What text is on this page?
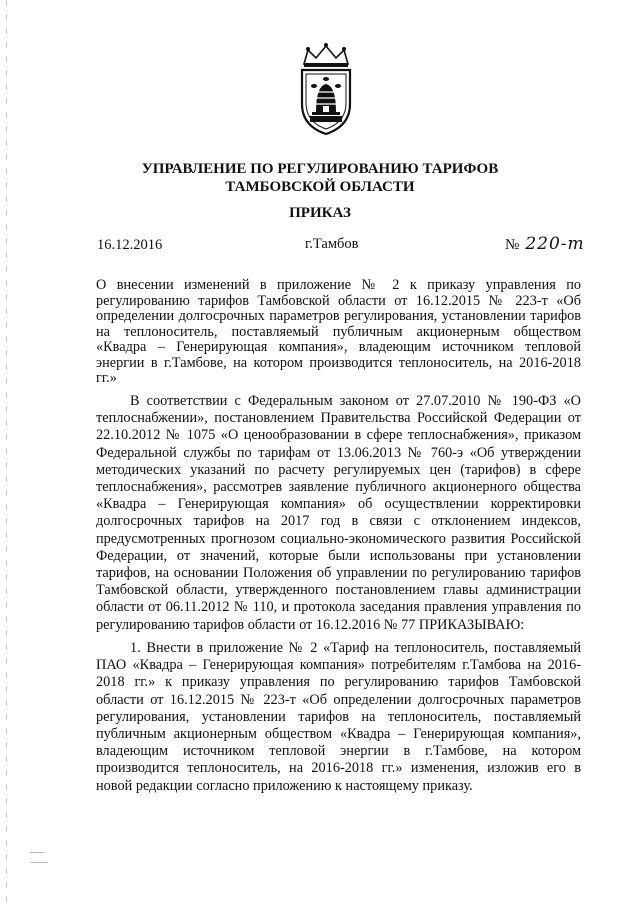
УПРАВЛЕНИЕ ПО РЕГУЛИРОВАНИЮ ТАРИФОВ
ТАМБОВСКОЙ ОБЛАСТИ
ПРИКАЗ
16.12.2016	г.Тамбов	№ 220-т
О внесении изменений в приложение № 2 к приказу управления по регулированию тарифов Тамбовской области от 16.12.2015 № 223-т «Об определении долгосрочных параметров регулирования, установлении тарифов на теплоноситель, поставляемый публичным акционерным обществом «Квадра – Генерирующая компания», владеющим источником тепловой энергии в г.Тамбове, на котором производится теплоноситель, на 2016-2018 гг.»

В соответствии с Федеральным законом от 27.07.2010 № 190-ФЗ «О теплоснабжении», постановлением Правительства Российской Федерации от 22.10.2012 № 1075 «О ценообразовании в сфере теплоснабжения», приказом Федеральной службы по тарифам от 13.06.2013 № 760-э «Об утверждении методических указаний по расчету регулируемых цен (тарифов) в сфере теплоснабжения», рассмотрев заявление публичного акционерного общества «Квадра – Генерирующая компания» об осуществлении корректировки долгосрочных тарифов на 2017 год в связи с отклонением индексов, предусмотренных прогнозом социально-экономического развития Российской Федерации, от значений, которые были использованы при установлении тарифов, на основании Положения об управлении по регулированию тарифов Тамбовской области, утвержденного постановлением главы администрации области от 06.11.2012 № 110, и протокола заседания правления управления по регулированию тарифов области от 16.12.2016 № 77 ПРИКАЗЫВАЮ:

1. Внести в приложение № 2 «Тариф на теплоноситель, поставляемый ПАО «Квадра – Генерирующая компания» потребителям г.Тамбова на 2016-2018 гг.» к приказу управления по регулированию тарифов Тамбовской области от 16.12.2015 № 223-т «Об определении долгосрочных параметров регулирования, установлении тарифов на теплоноситель, поставляемый публичным акционерным обществом «Квадра – Генерирующая компания», владеющим источником тепловой энергии в г.Тамбове, на котором производится теплоноситель, на 2016-2018 гг.» изменения, изложив его в новой редакции согласно приложению к настоящему приказу.
